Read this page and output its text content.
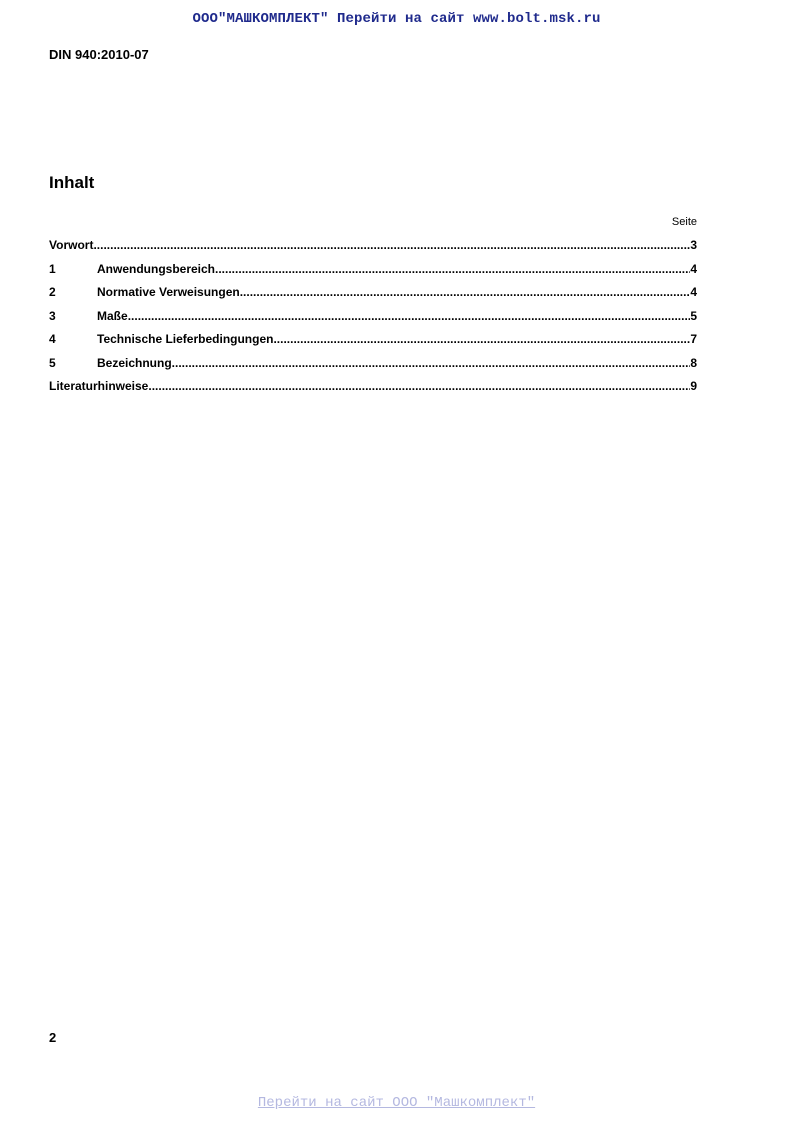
ООО"МАШКОМПЛЕКТ" Перейти на сайт www.bolt.msk.ru
DIN 940:2010-07
Inhalt
Seite
Vorwort .....	3
1	Anwendungsbereich .....	4
2	Normative Verweisungen .....	4
3	Maße .....	5
4	Technische Lieferbedingungen .....	7
5	Bezeichnung .....	8
Literaturhinweise .....	9
2
Перейти на сайт ООО "Машкомплект"
